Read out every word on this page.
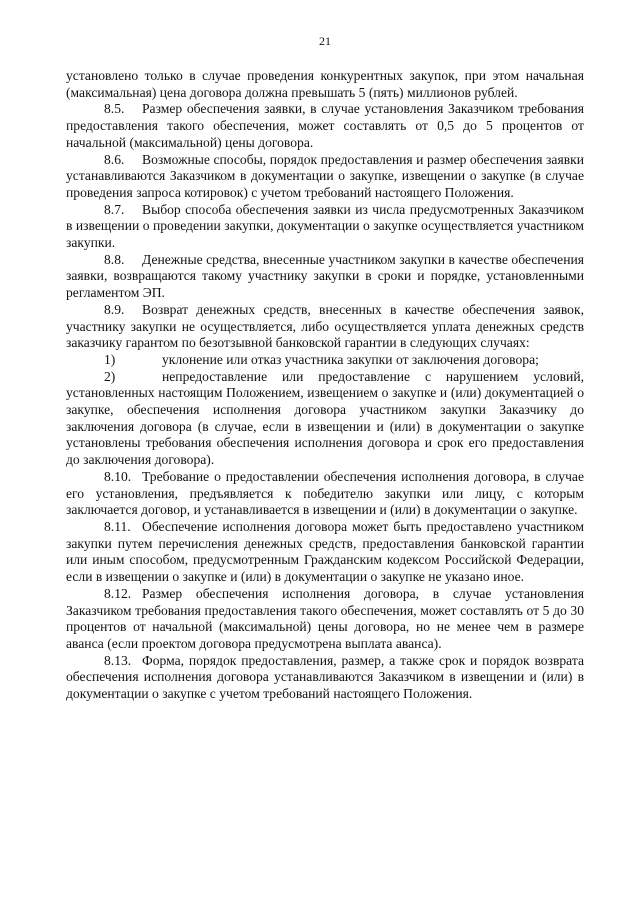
21

установлено только в случае проведения конкурентных закупок, при этом начальная (максимальная) цена договора должна превышать 5 (пять) миллионов рублей.

8.5. Размер обеспечения заявки, в случае установления Заказчиком требования предоставления такого обеспечения, может составлять от 0,5 до 5 процентов от начальной (максимальной) цены договора.

8.6. Возможные способы, порядок предоставления и размер обеспечения заявки устанавливаются Заказчиком в документации о закупке, извещении о закупке (в случае проведения запроса котировок) с учетом требований настоящего Положения.

8.7. Выбор способа обеспечения заявки из числа предусмотренных Заказчиком в извещении о проведении закупки, документации о закупке осуществляется участником закупки.

8.8. Денежные средства, внесенные участником закупки в качестве обеспечения заявки, возвращаются такому участнику закупки в сроки и порядке, установленными регламентом ЭП.

8.9. Возврат денежных средств, внесенных в качестве обеспечения заявок, участнику закупки не осуществляется, либо осуществляется уплата денежных средств заказчику гарантом по безотзывной банковской гарантии в следующих случаях:

1)	уклонение или отказ участника закупки от заключения договора;

2)	непредоставление или предоставление с нарушением условий, установленных настоящим Положением, извещением о закупке и (или) документацией о закупке, обеспечения исполнения договора участником закупки Заказчику до заключения договора (в случае, если в извещении и (или) в документации о закупке установлены требования обеспечения исполнения договора и срок его предоставления до заключения договора).

8.10. Требование о предоставлении обеспечения исполнения договора, в случае его установления, предъявляется к победителю закупки или лицу, с которым заключается договор, и устанавливается в извещении и (или) в документации о закупке.

8.11. Обеспечение исполнения договора может быть предоставлено участником закупки путем перечисления денежных средств, предоставления банковской гарантии или иным способом, предусмотренным Гражданским кодексом Российской Федерации, если в извещении о закупке и (или) в документации о закупке не указано иное.

8.12. Размер обеспечения исполнения договора, в случае установления Заказчиком требования предоставления такого обеспечения, может составлять от 5 до 30 процентов от начальной (максимальной) цены договора, но не менее чем в размере аванса (если проектом договора предусмотрена выплата аванса).

8.13. Форма, порядок предоставления, размер, а также срок и порядок возврата обеспечения исполнения договора устанавливаются Заказчиком в извещении и (или) в документации о закупке с учетом требований настоящего Положения.
